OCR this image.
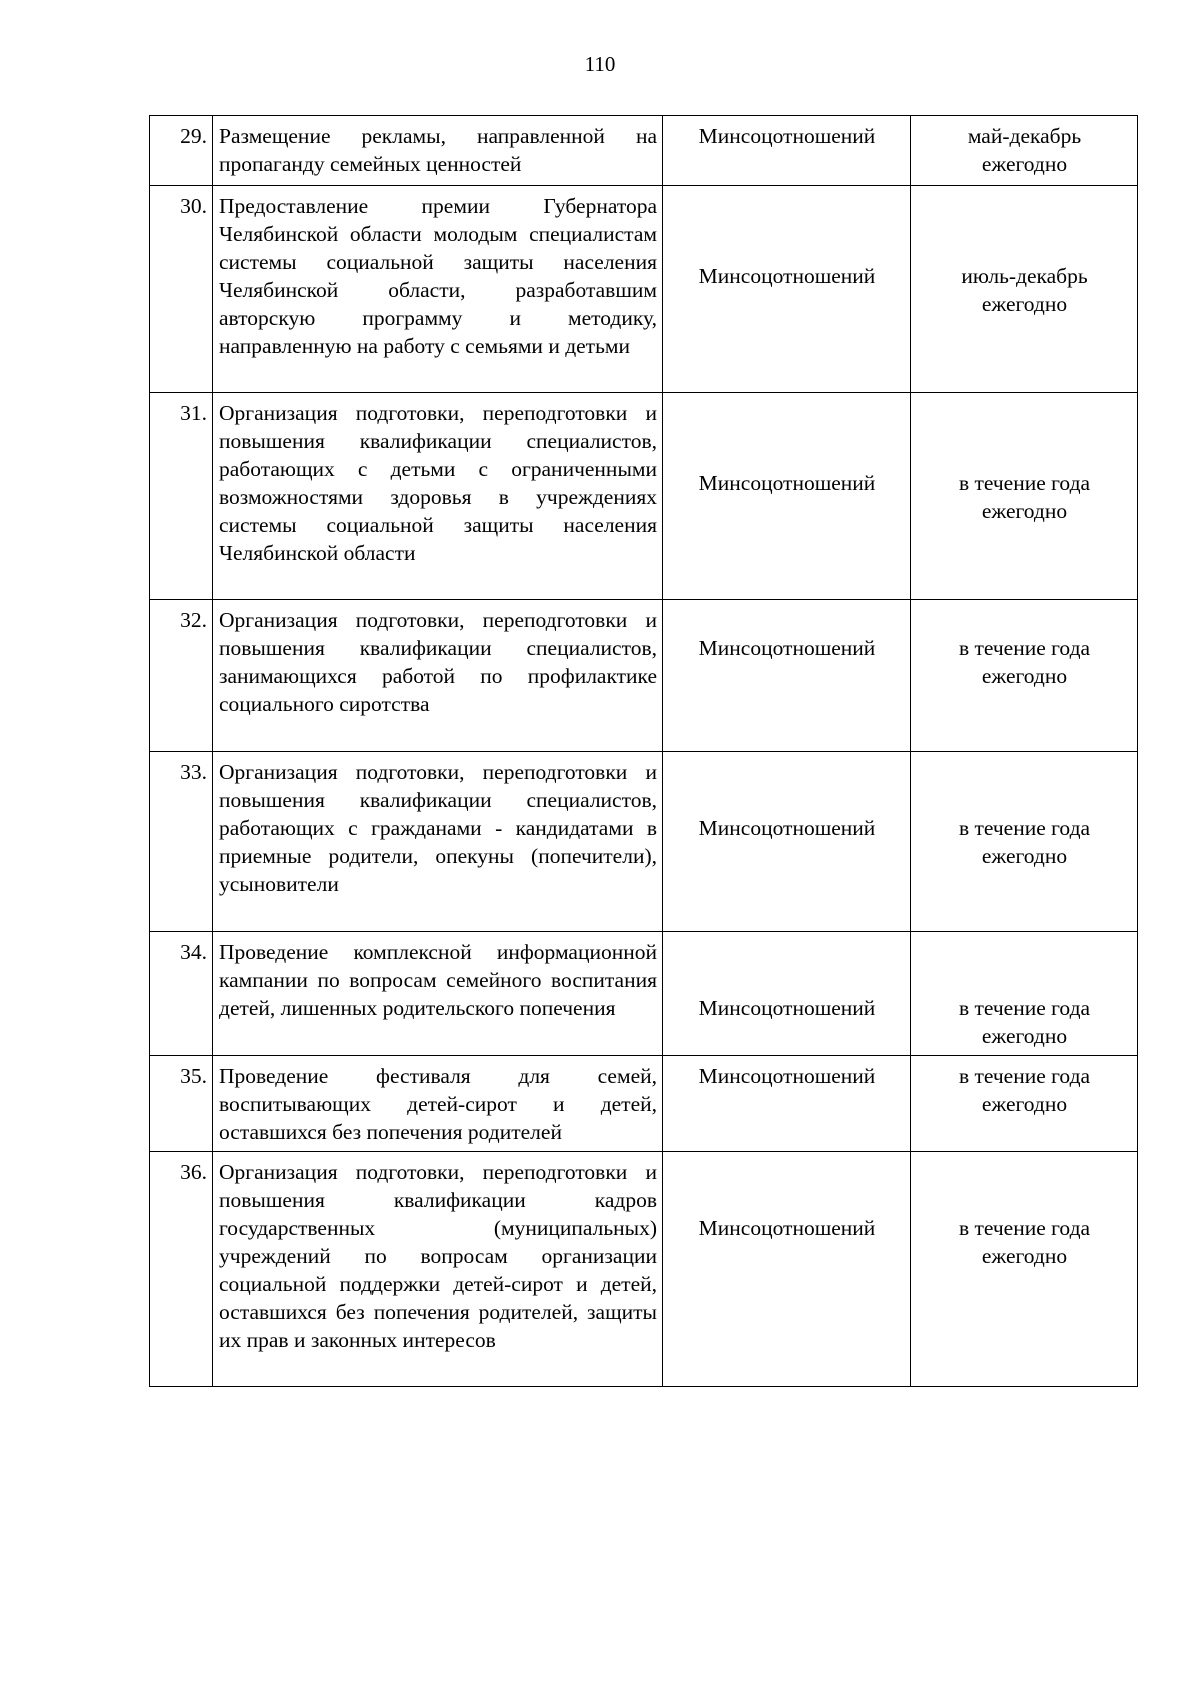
110
29.	Размещение рекламы, направленной на пропаганду семейных ценностей	Минсоцотношений	май-декабрь
ежегодно

30.	Предоставление премии Губернатора Челябинской области молодым специалистам системы социальной защиты населения Челябинской области, разработавшим авторскую программу и методику, направленную на работу с семьями и детьми	Минсоцотношений	июль-декабрь
ежегодно

31.	Организация подготовки, переподготовки и повышения квалификации специалистов, работающих с детьми с ограниченными возможностями здоровья в учреждениях системы социальной защиты населения Челябинской области	Минсоцотношений	в течение года
ежегодно

32.	Организация подготовки, переподготовки и повышения квалификации специалистов, занимающихся работой по профилактике социального сиротства	Минсоцотношений	в течение года
ежегодно

33.	Организация подготовки, переподготовки и повышения квалификации специалистов, работающих с гражданами - кандидатами в приемные родители, опекуны (попечители), усыновители	Минсоцотношений	в течение года
ежегодно

34.	Проведение комплексной информационной кампании по вопросам семейного воспитания детей, лишенных родительского попечения	Минсоцотношений	в течение года
ежегодно

35.	Проведение фестиваля для семей, воспитывающих детей-сирот и детей, оставшихся без попечения родителей	Минсоцотношений	в течение года
ежегодно

36.	Организация подготовки, переподготовки и повышения квалификации кадров государственных (муниципальных) учреждений по вопросам организации социальной поддержки детей-сирот и детей, оставшихся без попечения родителей, защиты их прав и законных интересов	Минсоцотношений	в течение года
ежегодно
